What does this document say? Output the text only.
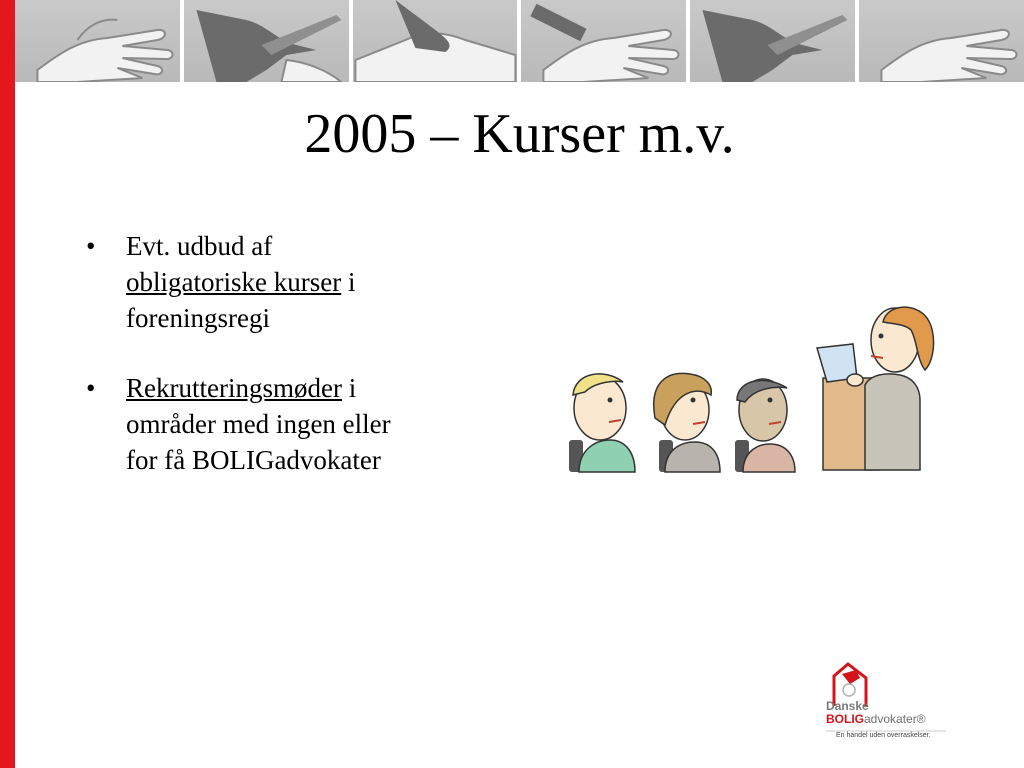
2005 – Kurser m.v.
•	Evt. udbud af
obligatoriske kurser i
foreningsregi
•	Rekrutteringsmøder i
områder med ingen eller
for få BOLIGadvokater
Danske
BOLIGadvokater®
En handel uden overraskelser.
